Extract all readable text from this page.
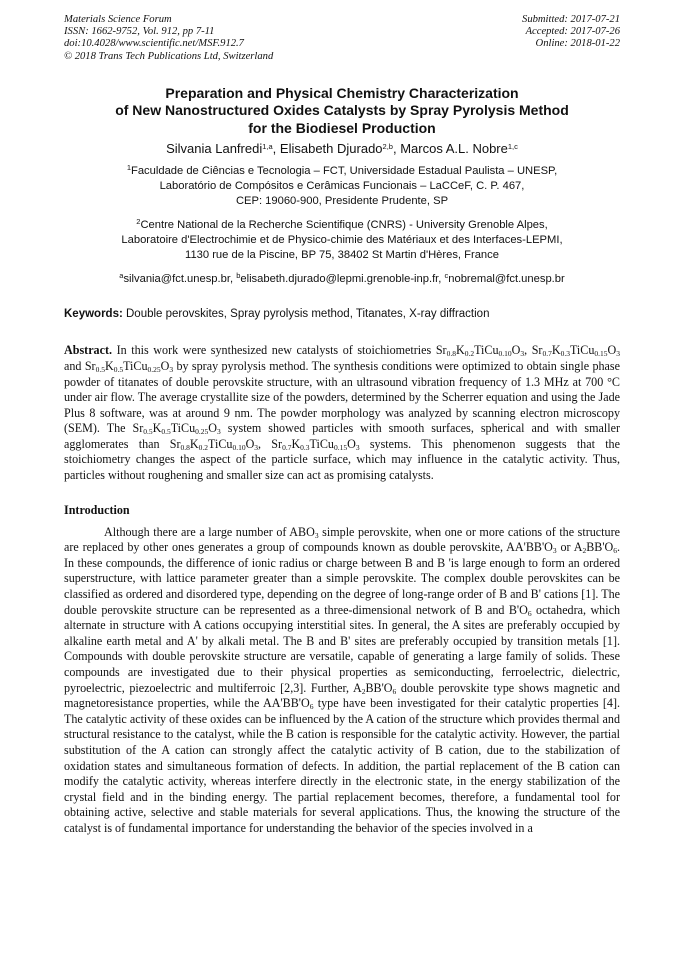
Materials Science Forum
ISSN: 1662-9752, Vol. 912, pp 7-11
doi:10.4028/www.scientific.net/MSF.912.7
© 2018 Trans Tech Publications Ltd, Switzerland
Submitted: 2017-07-21
Accepted: 2017-07-26
Online: 2018-01-22
Preparation and Physical Chemistry Characterization
of New Nanostructured Oxides Catalysts by Spray Pyrolysis Method
for the Biodiesel Production
Silvania Lanfredi$^{1,a}$, Elisabeth Djurado$^{2,b}$, Marcos A.L. Nobre$^{1,c}$
$^1$Faculdade de Ciências e Tecnologia – FCT, Universidade Estadual Paulista – UNESP,
Laboratório de Compósitos e Cerâmicas Funcionais – LaCCeF, C. P. 467,
CEP: 19060-900, Presidente Prudente, SP
$^2$Centre National de la Recherche Scientifique (CNRS) - University Grenoble Alpes,
Laboratoire d'Electrochimie et de Physico-chimie des Matériaux et des Interfaces-LEPMI,
1130 rue de la Piscine, BP 75, 38402 St Martin d'Hères, France
$^a$silvania@fct.unesp.br, $^b$elisabeth.djurado@lepmi.grenoble-inp.fr, $^c$nobremal@fct.unesp.br
Keywords: Double perovskites, Spray pyrolysis method, Titanates, X-ray diffraction
Abstract. In this work were synthesized new catalysts of stoichiometries $Sr_{0.8}K_{0.2}TiCu_{0.10}O_3$, $Sr_{0.7}K_{0.3}TiCu_{0.15}O_3$ and $Sr_{0.5}K_{0.5}TiCu_{0.25}O_3$ by spray pyrolysis method. The synthesis conditions were optimized to obtain single phase powder of titanates of double perovskite structure, with an ultrasound vibration frequency of 1.3 MHz at 700 °C under air flow. The average crystallite size of the powders, determined by the Scherrer equation and using the Jade Plus 8 software, was at around 9 nm. The powder morphology was analyzed by scanning electron microscopy (SEM). The $Sr_{0.5}K_{0.5}TiCu_{0.25}O_3$ system showed particles with smooth surfaces, spherical and with smaller agglomerates than $Sr_{0.8}K_{0.2}TiCu_{0.10}O_3$, $Sr_{0.7}K_{0.3}TiCu_{0.15}O_3$ systems. This phenomenon suggests that the stoichiometry changes the aspect of the particle surface, which may influence in the catalytic activity. Thus, particles without roughening and smaller size can act as promising catalysts.
Introduction
Although there are a large number of $ABO_3$ simple perovskite, when one or more cations of the structure are replaced by other ones generates a group of compounds known as double perovskite, $AA'BB'O_3$ or $A_2BB'O_6$. In these compounds, the difference of ionic radius or charge between B and B 'is large enough to form an ordered superstructure, with lattice parameter greater than a simple perovskite. The complex double perovskites can be classified as ordered and disordered type, depending on the degree of long-range order of B and B' cations [1]. The double perovskite structure can be represented as a three-dimensional network of B and $B'O_6$ octahedra, which alternate in structure with A cations occupying interstitial sites. In general, the A sites are preferably occupied by alkaline earth metal and A' by alkali metal. The B and B' sites are preferably occupied by transition metals [1]. Compounds with double perovskite structure are versatile, capable of generating a large family of solids. These compounds are investigated due to their physical properties as semiconducting, ferroelectric, dielectric, pyroelectric, piezoelectric and multiferroic [2,3]. Further, $A_2BB'O_6$ double perovskite type shows magnetic and magnetoresistance properties, while the $AA'BB'O_6$ type have been investigated for their catalytic properties [4]. The catalytic activity of these oxides can be influenced by the A cation of the structure which provides thermal and structural resistance to the catalyst, while the B cation is responsible for the catalytic activity. However, the partial substitution of the A cation can strongly affect the catalytic activity of B cation, due to the stabilization of oxidation states and simultaneous formation of defects. In addition, the partial replacement of the B cation can modify the catalytic activity, whereas interfere directly in the electronic state, in the energy stabilization of the crystal field and in the binding energy. The partial replacement becomes, therefore, a fundamental tool for obtaining active, selective and stable materials for several applications. Thus, the knowing the structure of the catalyst is of fundamental importance for understanding the behavior of the species involved in a
